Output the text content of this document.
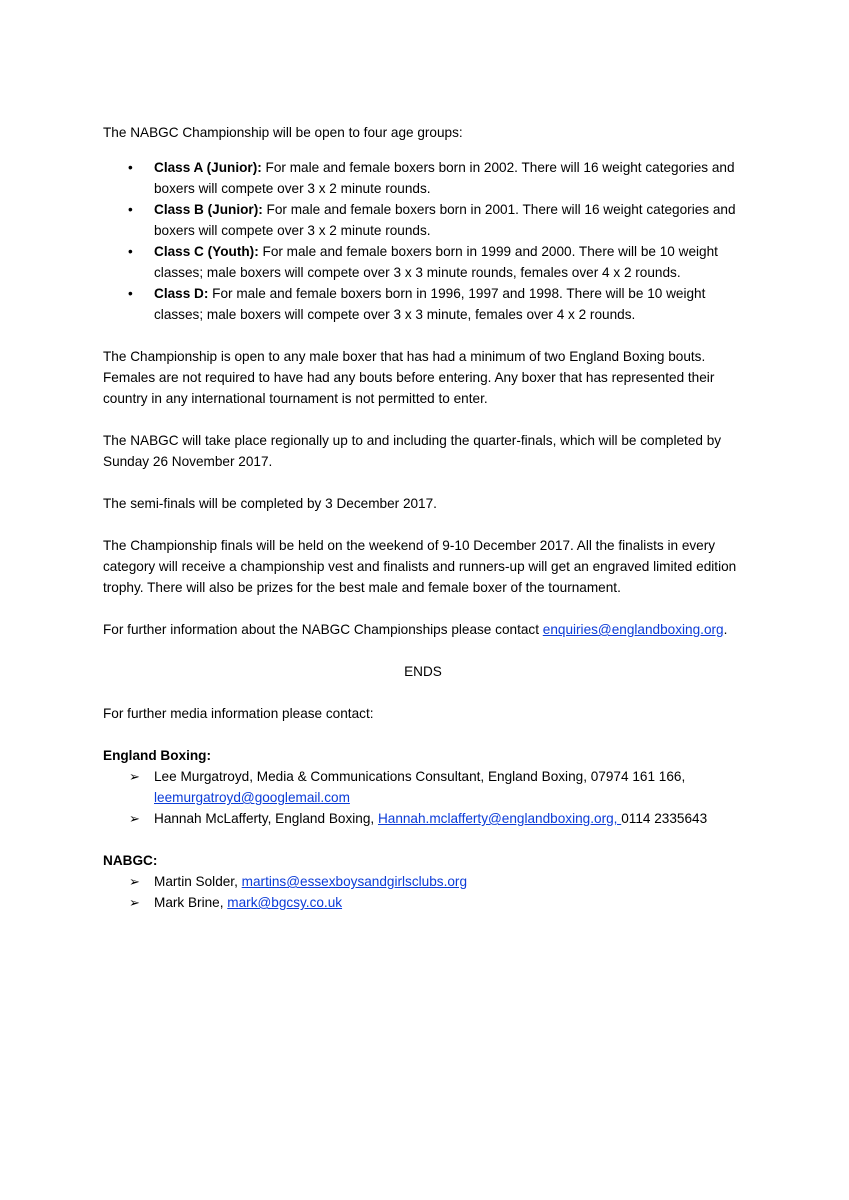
The NABGC Championship will be open to four age groups:

• Class A (Junior): For male and female boxers born in 2002. There will 16 weight categories and boxers will compete over 3 x 2 minute rounds.
• Class B (Junior): For male and female boxers born in 2001. There will 16 weight categories and boxers will compete over 3 x 2 minute rounds.
• Class C (Youth): For male and female boxers born in 1999 and 2000. There will be 10 weight classes; male boxers will compete over 3 x 3 minute rounds, females over 4 x 2 rounds.
• Class D: For male and female boxers born in 1996, 1997 and 1998. There will be 10 weight classes; male boxers will compete over 3 x 3 minute, females over 4 x 2 rounds.

The Championship is open to any male boxer that has had a minimum of two England Boxing bouts. Females are not required to have had any bouts before entering. Any boxer that has represented their country in any international tournament is not permitted to enter.

The NABGC will take place regionally up to and including the quarter-finals, which will be completed by Sunday 26 November 2017.

The semi-finals will be completed by 3 December 2017.

The Championship finals will be held on the weekend of 9-10 December 2017. All the finalists in every category will receive a championship vest and finalists and runners-up will get an engraved limited edition trophy. There will also be prizes for the best male and female boxer of the tournament.

For further information about the NABGC Championships please contact enquiries@englandboxing.org.

ENDS

For further media information please contact:

England Boxing:

➢ Lee Murgatroyd, Media & Communications Consultant, England Boxing, 07974 161 166, leemurgatroyd@googlemail.com
➢ Hannah McLafferty, England Boxing, Hannah.mclafferty@englandboxing.org, 0114 2335643

NABGC:

➢ Martin Solder, martins@essexboysandgirlsclubs.org
➢ Mark Brine, mark@bgcsy.co.uk
